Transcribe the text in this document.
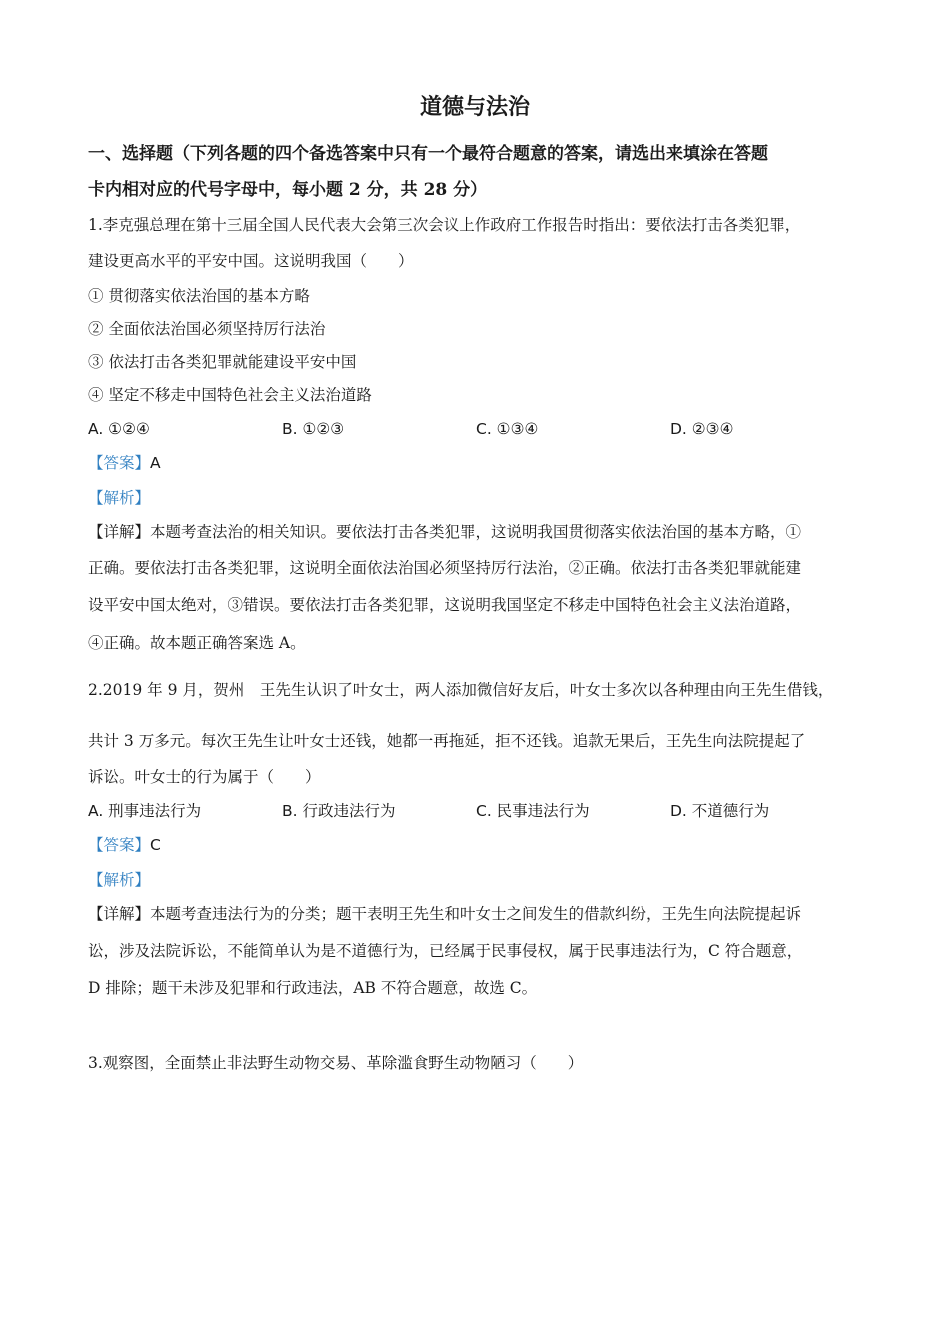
道德与法治
一、选择题（下列各题的四个备选答案中只有一个最符合题意的答案，请选出来填涂在答题
卡内相对应的代号字母中，每小题 2 分，共 28 分）
1.李克强总理在第十三届全国人民代表大会第三次会议上作政府工作报告时指出：要依法打击各类犯罪，
建设更高水平的平安中国。这说明我国（　　）
① 贯彻落实依法治国的基本方略
② 全面依法治国必须坚持厉行法治
③ 依法打击各类犯罪就能建设平安中国
④ 坚定不移走中国特色社会主义法治道路
A. ①②④	B. ①②③	C. ①③④	D. ②③④
【答案】A
【解析】
【详解】本题考查法治的相关知识。要依法打击各类犯罪，这说明我国贯彻落实依法治国的基本方略，①
正确。要依法打击各类犯罪，这说明全面依法治国必须坚持厉行法治，②正确。依法打击各类犯罪就能建
设平安中国太绝对，③错误。要依法打击各类犯罪，这说明我国坚定不移走中国特色社会主义法治道路，
④正确。故本题正确答案选 A。
2.2019 年 9 月，贺州　王先生认识了叶女士，两人添加微信好友后，叶女士多次以各种理由向王先生借钱，
共计 3 万多元。每次王先生让叶女士还钱，她都一再拖延，拒不还钱。追款无果后，王先生向法院提起了
诉讼。叶女士的行为属于（　　）
A. 刑事违法行为	B. 行政违法行为	C. 民事违法行为	D. 不道德行为
【答案】C
【解析】
【详解】本题考查违法行为的分类；题干表明王先生和叶女士之间发生的借款纠纷，王先生向法院提起诉
讼，涉及法院诉讼，不能简单认为是不道德行为，已经属于民事侵权，属于民事违法行为，C 符合题意，
D 排除；题干未涉及犯罪和行政违法，AB 不符合题意，故选 C。
3.观察图，全面禁止非法野生动物交易、革除滥食野生动物陋习（　　）
